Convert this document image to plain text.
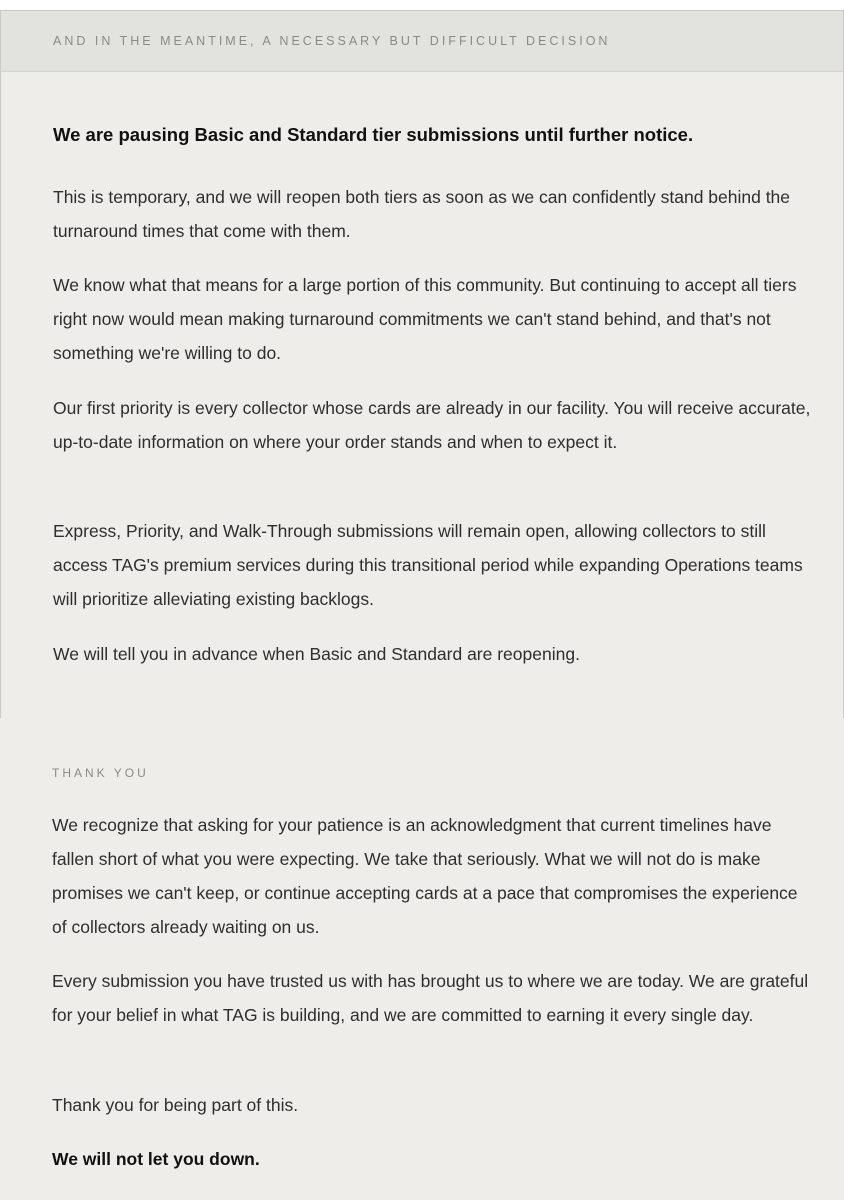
AND IN THE MEANTIME, A NECESSARY BUT DIFFICULT DECISION

We are pausing Basic and Standard tier submissions until further notice.

This is temporary, and we will reopen both tiers as soon as we can confidently stand behind the turnaround times that come with them.

We know what that means for a large portion of this community. But continuing to accept all tiers right now would mean making turnaround commitments we can't stand behind, and that's not something we're willing to do.

Our first priority is every collector whose cards are already in our facility. You will receive accurate, up-to-date information on where your order stands and when to expect it.

Express, Priority, and Walk-Through submissions will remain open, allowing collectors to still access TAG's premium services during this transitional period while expanding Operations teams will prioritize alleviating existing backlogs.

We will tell you in advance when Basic and Standard are reopening.

THANK YOU

We recognize that asking for your patience is an acknowledgment that current timelines have fallen short of what you were expecting. We take that seriously. What we will not do is make promises we can't keep, or continue accepting cards at a pace that compromises the experience of collectors already waiting on us.

Every submission you have trusted us with has brought us to where we are today. We are grateful for your belief in what TAG is building, and we are committed to earning it every single day.

Thank you for being part of this.

We will not let you down.
